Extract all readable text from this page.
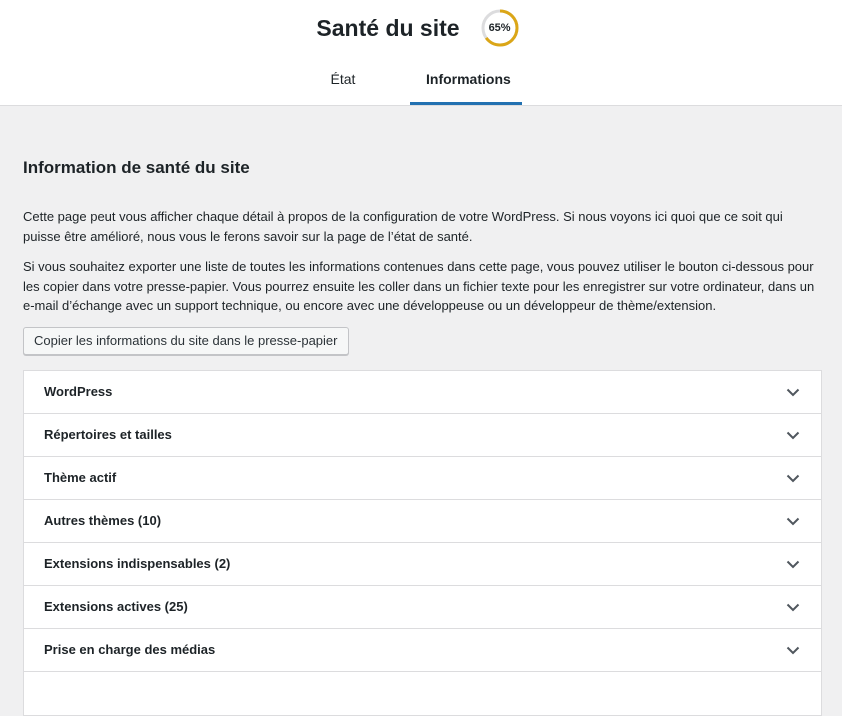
Santé du site	65%
État	Informations
Information de santé du site

Cette page peut vous afficher chaque détail à propos de la configuration de votre WordPress. Si nous voyons ici quoi que ce soit qui puisse être amélioré, nous vous le ferons savoir sur la page de l’état de santé.

Si vous souhaitez exporter une liste de toutes les informations contenues dans cette page, vous pouvez utiliser le bouton ci-dessous pour les copier dans votre presse-papier. Vous pourrez ensuite les coller dans un fichier texte pour les enregistrer sur votre ordinateur, dans un e-mail d’échange avec un support technique, ou encore avec une développeuse ou un développeur de thème/extension.

Copier les informations du site dans le presse-papier
WordPress
Répertoires et tailles
Thème actif
Autres thèmes (10)
Extensions indispensables (2)
Extensions actives (25)
Prise en charge des médias
